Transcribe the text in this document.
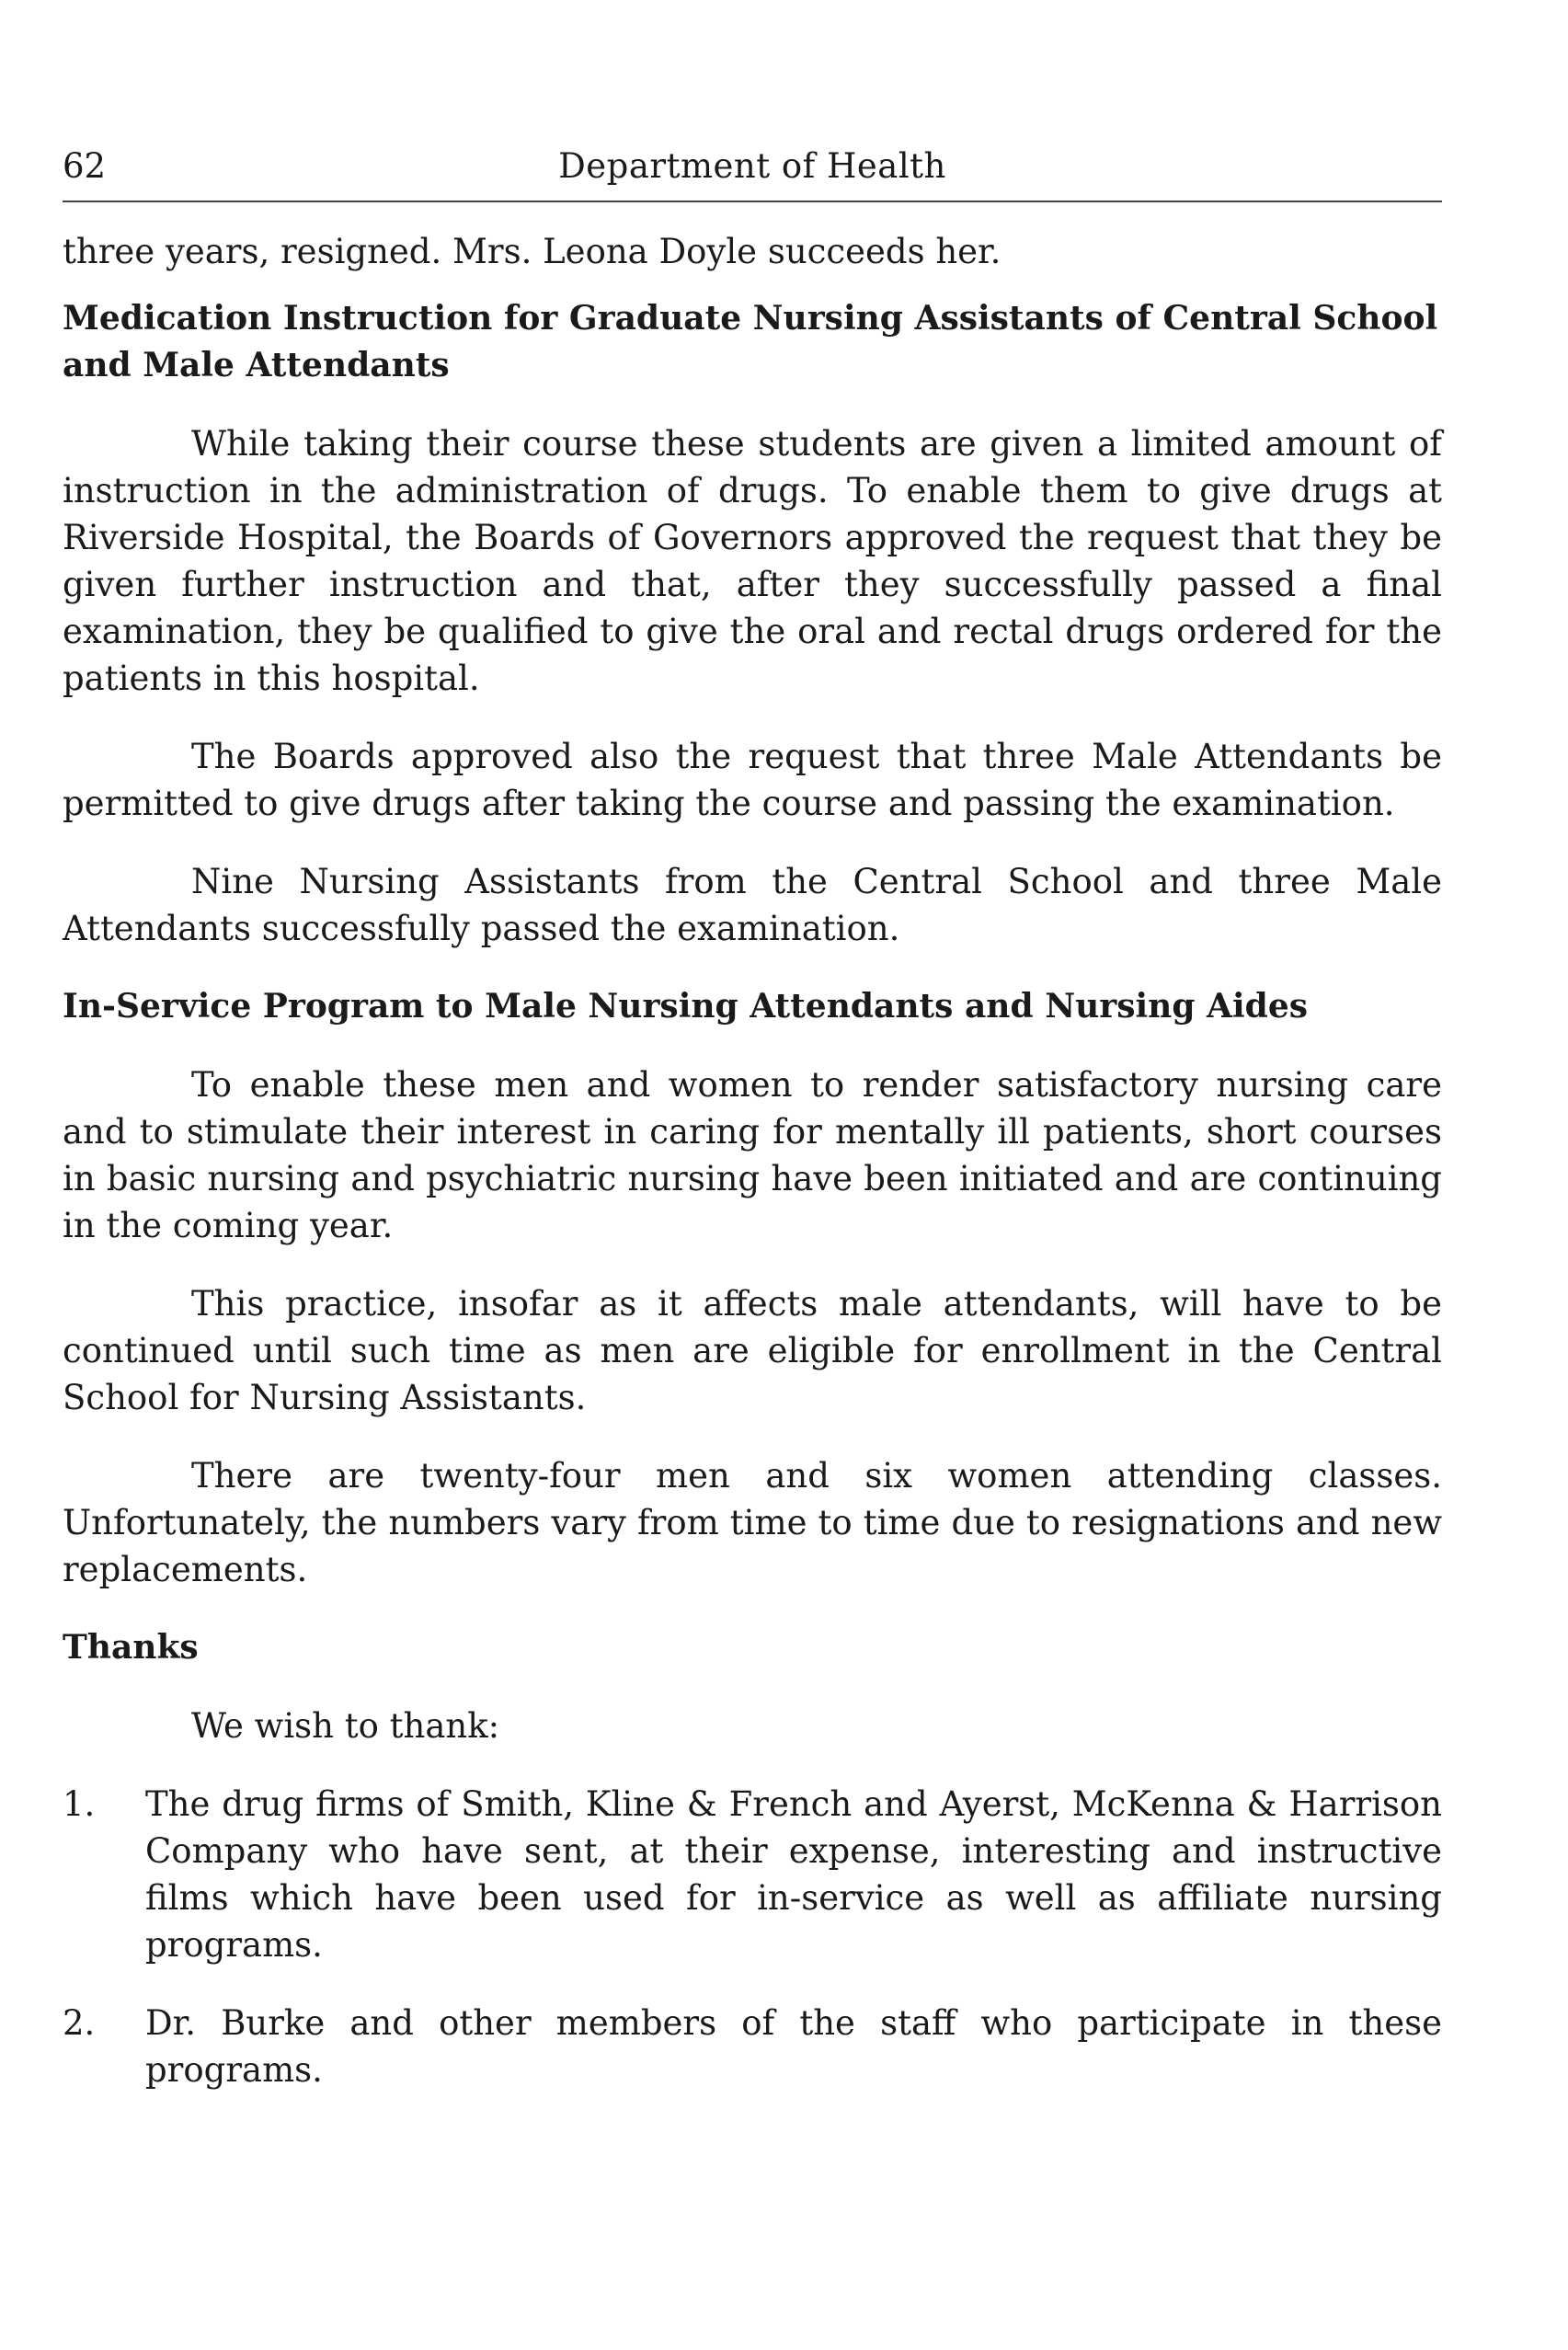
62	Department of Health

three years, resigned. Mrs. Leona Doyle succeeds her.

Medication Instruction for Graduate Nursing Assistants of Central School and Male Attendants

While taking their course these students are given a limited amount of instruction in the administration of drugs. To enable them to give drugs at Riverside Hospital, the Boards of Governors approved the request that they be given further instruction and that, after they successfully passed a final examination, they be qualified to give the oral and rectal drugs ordered for the patients in this hospital.

The Boards approved also the request that three Male Attendants be permitted to give drugs after taking the course and passing the examination.

Nine Nursing Assistants from the Central School and three Male Attendants successfully passed the examination.

In-Service Program to Male Nursing Attendants and Nursing Aides

To enable these men and women to render satisfactory nursing care and to stimulate their interest in caring for mentally ill patients, short courses in basic nursing and psychiatric nursing have been initiated and are continuing in the coming year.

This practice, insofar as it affects male attendants, will have to be continued until such time as men are eligible for enrollment in the Central School for Nursing Assistants.

There are twenty-four men and six women attending classes. Unfortunately, the numbers vary from time to time due to resignations and new replacements.

Thanks

We wish to thank:

1. The drug firms of Smith, Kline & French and Ayerst, McKenna & Harrison Company who have sent, at their expense, interesting and instructive films which have been used for in-service as well as affiliate nursing programs.
2. Dr. Burke and other members of the staff who participate in these programs.
